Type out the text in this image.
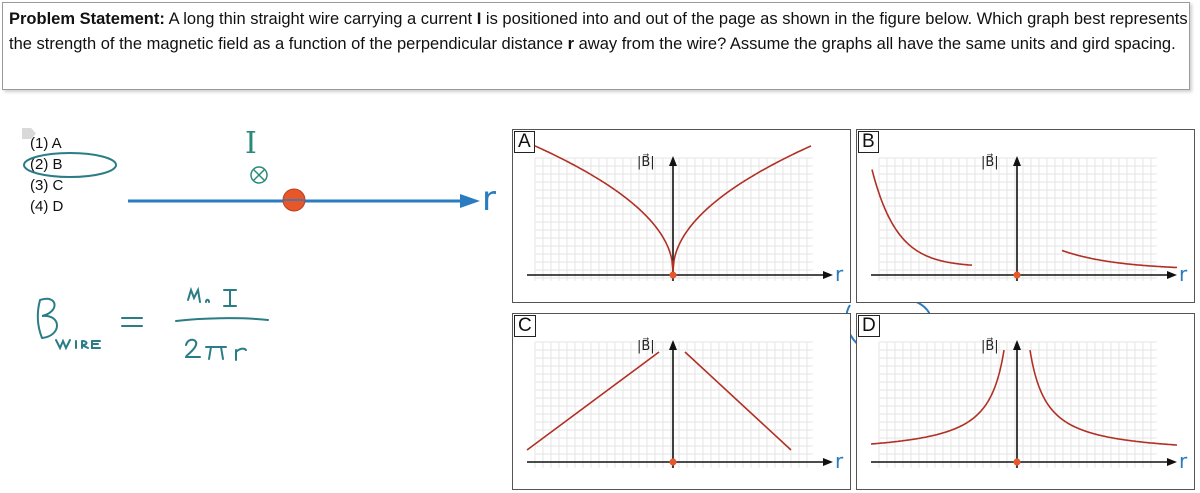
Problem Statement: A long thin straight wire carrying a current I is positioned into and out of the page as shown in the figure below. Which graph best represents the strength of the magnetic field as a function of the perpendicular distance r away from the wire? Assume the graphs all have the same units and gird spacing.
(1) A
(2) B
(3) C
(4) D
I
r
A
|B⃗|
r
B
|B⃗|
r
C
|B⃗|
r
D
|B⃗|
r
